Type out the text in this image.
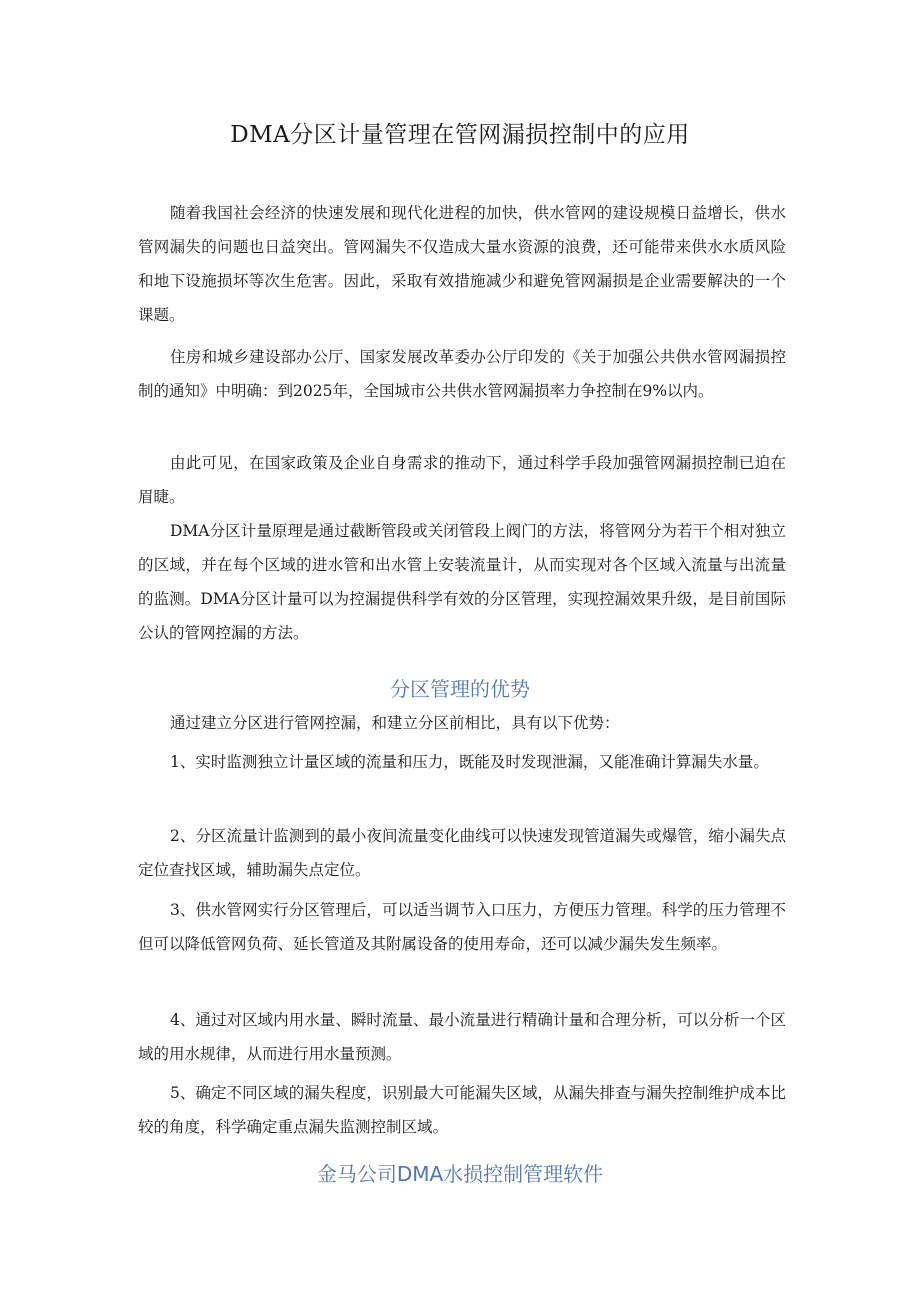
DMA分区计量管理在管网漏损控制中的应用

随着我国社会经济的快速发展和现代化进程的加快，供水管网的建设规模日益增长，供水管网漏失的问题也日益突出。管网漏失不仅造成大量水资源的浪费，还可能带来供水水质风险和地下设施损坏等次生危害。因此，采取有效措施减少和避免管网漏损是企业需要解决的一个课题。

住房和城乡建设部办公厅、国家发展改革委办公厅印发的《关于加强公共供水管网漏损控制的通知》中明确：到2025年，全国城市公共供水管网漏损率力争控制在9%以内。

由此可见，在国家政策及企业自身需求的推动下，通过科学手段加强管网漏损控制已迫在眉睫。

DMA分区计量原理是通过截断管段或关闭管段上阀门的方法，将管网分为若干个相对独立的区域，并在每个区域的进水管和出水管上安装流量计，从而实现对各个区域入流量与出流量的监测。DMA分区计量可以为控漏提供科学有效的分区管理，实现控漏效果升级，是目前国际公认的管网控漏的方法。

分区管理的优势

通过建立分区进行管网控漏，和建立分区前相比，具有以下优势：

1、实时监测独立计量区域的流量和压力，既能及时发现泄漏，又能准确计算漏失水量。

2、分区流量计监测到的最小夜间流量变化曲线可以快速发现管道漏失或爆管，缩小漏失点定位查找区域，辅助漏失点定位。

3、供水管网实行分区管理后，可以适当调节入口压力，方便压力管理。科学的压力管理不但可以降低管网负荷、延长管道及其附属设备的使用寿命，还可以减少漏失发生频率。

4、通过对区域内用水量、瞬时流量、最小流量进行精确计量和合理分析，可以分析一个区域的用水规律，从而进行用水量预测。

5、确定不同区域的漏失程度，识别最大可能漏失区域，从漏失排查与漏失控制维护成本比较的角度，科学确定重点漏失监测控制区域。

金马公司DMA水损控制管理软件
